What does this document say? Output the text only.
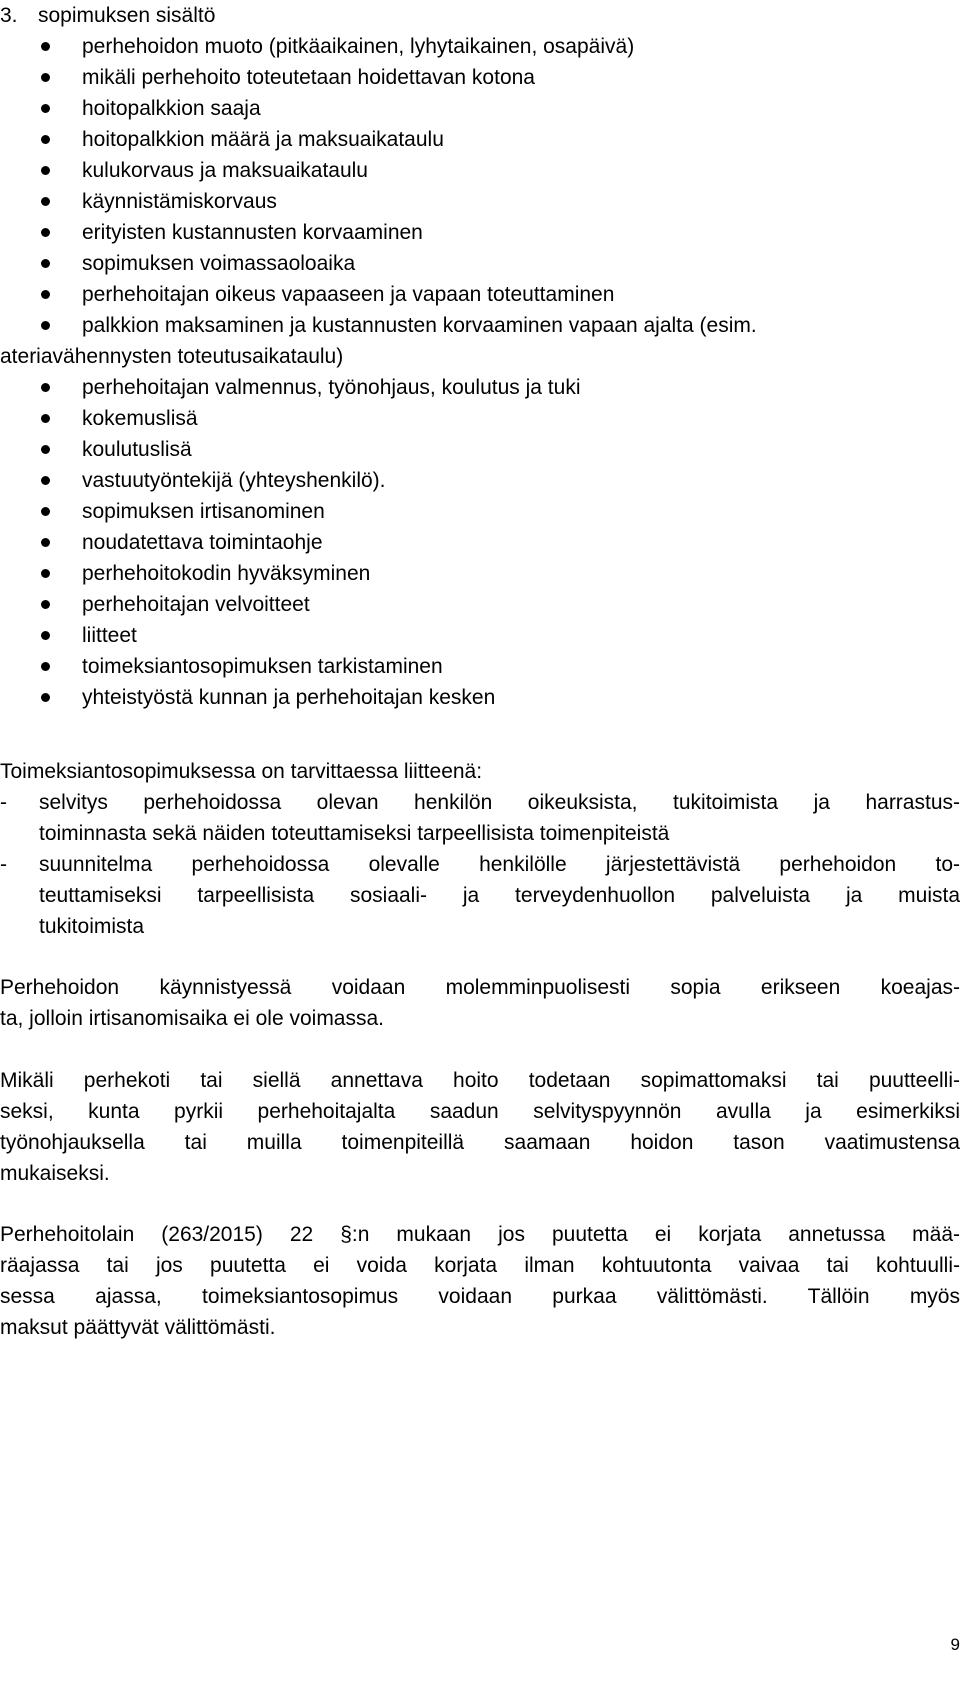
3. sopimuksen sisältö
perhehoidon muoto (pitkäaikainen, lyhytaikainen, osapäivä)
mikäli perhehoito toteutetaan hoidettavan kotona
hoitopalkkion saaja
hoitopalkkion määrä ja maksuaikataulu
kulukorvaus ja maksuaikataulu
käynnistämiskorvaus
erityisten kustannusten korvaaminen
sopimuksen voimassaoloaika
perhehoitajan oikeus vapaaseen ja vapaan toteuttaminen
palkkion maksaminen ja kustannusten korvaaminen vapaan ajalta (esim.
ateriavähennysten toteutusaikataulu)
perhehoitajan valmennus, työnohjaus, koulutus ja tuki
kokemuslisä
koulutuslisä
vastuutyöntekijä (yhteyshenkilö).
sopimuksen irtisanominen
noudatettava toimintaohje
perhehoitokodin hyväksyminen
perhehoitajan velvoitteet
liitteet
toimeksiantosopimuksen tarkistaminen
yhteistyöstä kunnan ja perhehoitajan kesken
Toimeksiantosopimuksessa on tarvittaessa liitteenä:
- selvitys perhehoidossa olevan henkilön oikeuksista, tukitoimista ja harrastus-
toiminnasta sekä näiden toteuttamiseksi tarpeellisista toimenpiteistä
- suunnitelma perhehoidossa olevalle henkilölle järjestettävistä perhehoidon to-
teuttamiseksi tarpeellisista sosiaali- ja terveydenhuollon palveluista ja muista
tukitoimista
Perhehoidon käynnistyessä voidaan molemminpuolisesti sopia erikseen koeajas-
ta, jolloin irtisanomisaika ei ole voimassa.
Mikäli perhekoti tai siellä annettava hoito todetaan sopimattomaksi tai puutteelli-
seksi, kunta pyrkii perhehoitajalta saadun selvityspyynnön avulla ja esimerkiksi
työnohjauksella tai muilla toimenpiteillä saamaan hoidon tason vaatimustensa
mukaiseksi.
Perhehoitolain (263/2015) 22 §:n mukaan jos puutetta ei korjata annetussa mää-
räajassa tai jos puutetta ei voida korjata ilman kohtuutonta vaivaa tai kohtuulli-
sessa ajassa, toimeksiantosopimus voidaan purkaa välittömästi. Tällöin myös
maksut päättyvät välittömästi.
9
